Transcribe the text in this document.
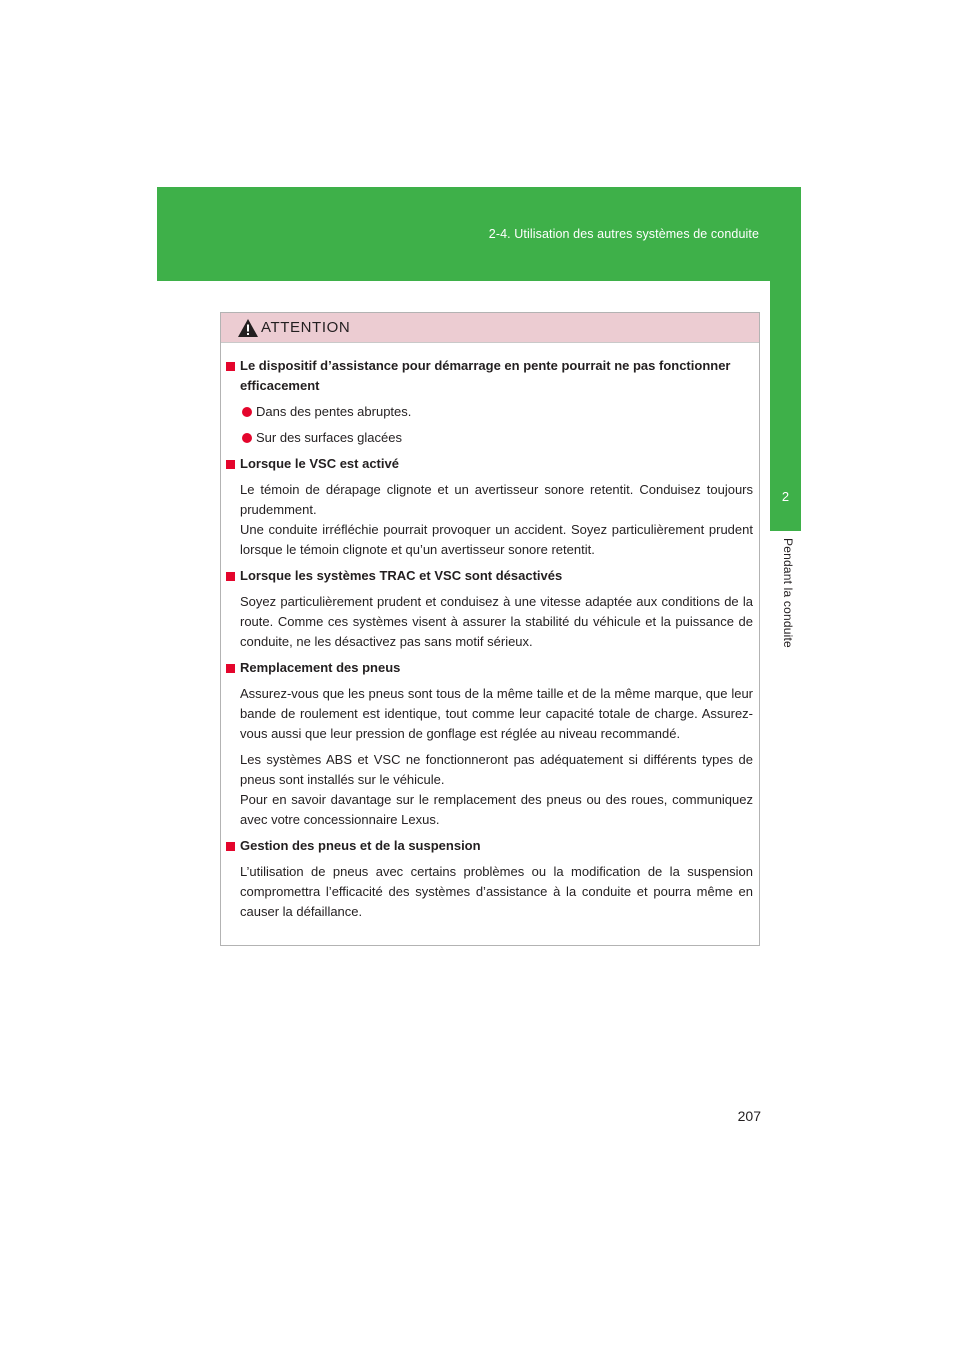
2-4. Utilisation des autres systèmes de conduite
2
Pendant la conduite
ATTENTION
Le dispositif d’assistance pour démarrage en pente pourrait ne pas fonctionner efficacement
Dans des pentes abruptes.
Sur des surfaces glacées
Lorsque le VSC est activé
Le témoin de dérapage clignote et un avertisseur sonore retentit. Conduisez toujours prudemment.
Une conduite irréfléchie pourrait provoquer un accident. Soyez particulièrement prudent lorsque le témoin clignote et qu’un avertisseur sonore retentit.
Lorsque les systèmes TRAC et VSC sont désactivés
Soyez particulièrement prudent et conduisez à une vitesse adaptée aux conditions de la route. Comme ces systèmes visent à assurer la stabilité du véhicule et la puissance de conduite, ne les désactivez pas sans motif sérieux.
Remplacement des pneus
Assurez-vous que les pneus sont tous de la même taille et de la même marque, que leur bande de roulement est identique, tout comme leur capacité totale de charge. Assurez-vous aussi que leur pression de gonflage est réglée au niveau recommandé.
Les systèmes ABS et VSC ne fonctionneront pas adéquatement si différents types de pneus sont installés sur le véhicule.
Pour en savoir davantage sur le remplacement des pneus ou des roues, communiquez avec votre concessionnaire Lexus.
Gestion des pneus et de la suspension
L’utilisation de pneus avec certains problèmes ou la modification de la suspension compromettra l’efficacité des systèmes d’assistance à la conduite et pourra même en causer la défaillance.
207
